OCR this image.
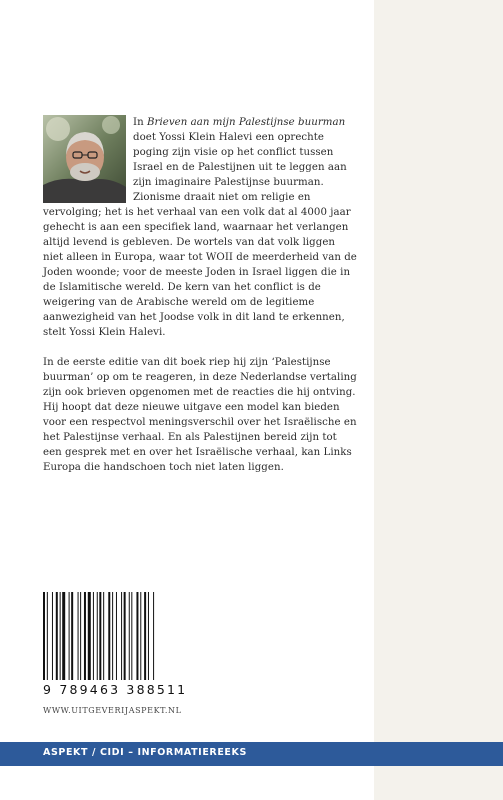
In Brieven aan mijn Palestijnse buurman doet Yossi Klein Halevi een oprechte poging zijn visie op het conflict tussen Israel en de Palestijnen uit te leggen aan zijn imaginaire Palestijnse buurman. Zionisme draait niet om religie en vervolging; het is het verhaal van een volk dat al 4000 jaar gehecht is aan een specifiek land, waarnaar het verlangen altijd levend is gebleven. De wortels van dat volk liggen niet alleen in Europa, waar tot WOII de meerderheid van de Joden woonde; voor de meeste Joden in Israel liggen die in de Islamitische wereld. De kern van het conflict is de weigering van de Arabische wereld om de legitieme aanwezigheid van het Joodse volk in dit land te erkennen, stelt Yossi Klein Halevi.

In de eerste editie van dit boek riep hij zijn ‘Palestijnse buurman’ op om te reageren, in deze Nederlandse vertaling zijn ook brieven opgenomen met de reacties die hij ontving. Hij hoopt dat deze nieuwe uitgave een model kan bieden voor een respectvol meningsverschil over het Israëlische en het Palestijnse verhaal. En als Palestijnen bereid zijn tot een gesprek met en over het Israëlische verhaal, kan Links Europa die handschoen toch niet laten liggen.

9 789463 388511
WWW.UITGEVERIJASPEKT.NL
ASPEKT / CIDI – INFORMATIEREEKS
